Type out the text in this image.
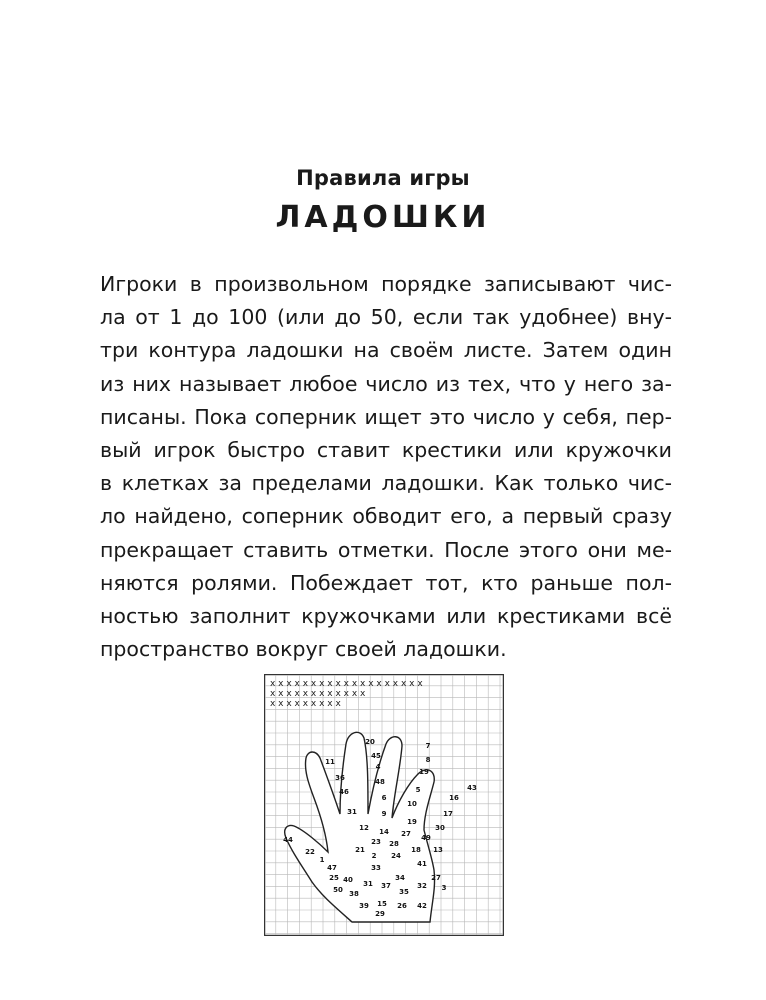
Правила игры
ЛАДОШКИ
Игроки в произвольном порядке записывают чис-
ла от 1 до 100 (или до 50, если так удобнее) вну-
три контура ладошки на своём листе. Затем один
из них называет любое число из тех, что у него за-
писаны. Пока соперник ищет это число у себя, пер-
вый игрок быстро ставит крестики или кружочки
в клетках за пределами ладошки. Как только чис-
ло найдено, соперник обводит его, а первый сразу
прекращает ставить отметки. После этого они ме-
няются ролями. Побеждает тот, кто раньше пол-
ностью заполнит кружочками или крестиками всё
пространство вокруг своей ладошки.
x x x x x x x x x x x x x x x x x x x
x x x x x x x x x x x x
x x x x x x x x x
20	7
45	8
11
4
19
36	48
5	43
46
6	16
10
31	9	17
19
30
12 14 27 49
44	23 28
22	21	18 13
1	2 24
47	41
33
25 40	34	27
31 37	32 3
50 38	35
39 15
29
26 42
